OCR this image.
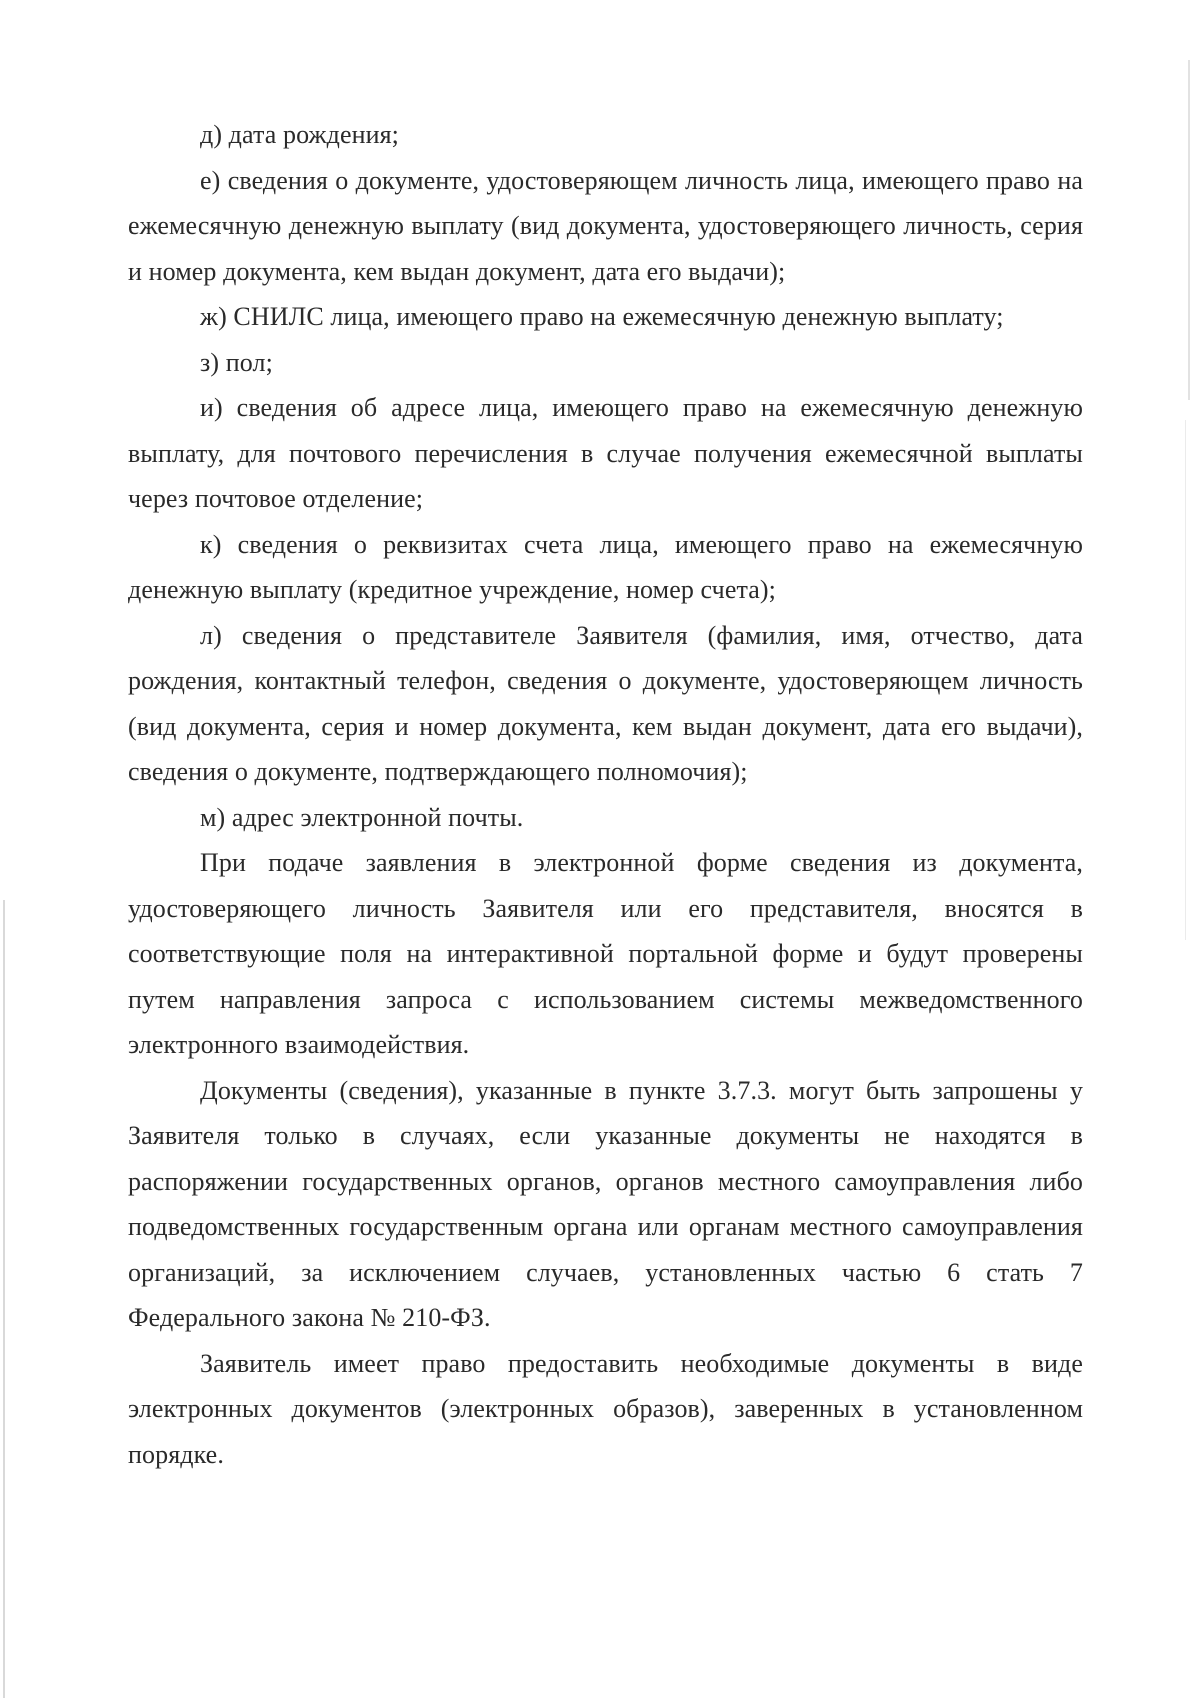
д) дата рождения;

е) сведения о документе, удостоверяющем личность лица, имеющего право на ежемесячную денежную выплату (вид документа, удостоверяющего личность, серия и номер документа, кем выдан документ, дата его выдачи);

ж) СНИЛС лица, имеющего право на ежемесячную денежную выплату;

з) пол;

и) сведения об адресе лица, имеющего право на ежемесячную денежную выплату, для почтового перечисления в случае получения ежемесячной выплаты через почтовое отделение;

к) сведения о реквизитах счета лица, имеющего право на ежемесячную денежную выплату (кредитное учреждение, номер счета);

л) сведения о представителе Заявителя (фамилия, имя, отчество, дата рождения, контактный телефон, сведения о документе, удостоверяющем личность (вид документа, серия и номер документа, кем выдан документ, дата его выдачи), сведения о документе, подтверждающего полномочия);

м) адрес электронной почты.

При подаче заявления в электронной форме сведения из документа, удостоверяющего личность Заявителя или его представителя, вносятся в соответствующие поля на интерактивной портальной форме и будут проверены путем направления запроса с использованием системы межведомственного электронного взаимодействия.

Документы (сведения), указанные в пункте 3.7.3. могут быть запрошены у Заявителя только в случаях, если указанные документы не находятся в распоряжении государственных органов, органов местного самоуправления либо подведомственных государственным органа или органам местного самоуправления организаций, за исключением случаев, установленных частью 6 стать 7 Федерального закона № 210-ФЗ.

Заявитель имеет право предоставить необходимые документы в виде электронных документов (электронных образов), заверенных в установленном порядке.
